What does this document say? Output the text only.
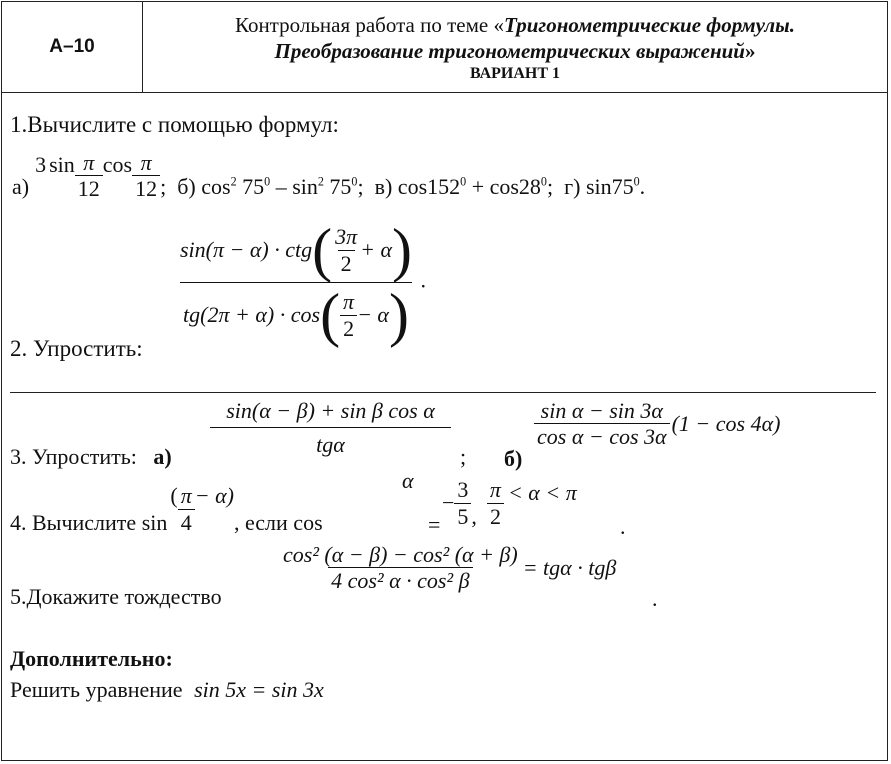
А–10
Контрольная работа по теме «Тригонометрические формулы.
Преобразование тригонометрических выражений»
ВАРИАНТ 1
1.Вычислите с помощью формул:
а)
3 $\sin \frac{\pi}{12}$ $\cos \frac{\pi}{12}$ ; б) $\cos^2 75^0 - \sin^2 75^0$; в) $\cos 152^0 + \cos 28^0$; г) $\sin 75^0$.
$\frac{\sin(\pi - \alpha) \cdot ctg ( \frac{3\pi}{2} + \alpha )}{tg(2\pi + \alpha) \cdot \cos ( \frac{\pi}{2} - \alpha )}$ .
2. Упростить:
$\frac{\text{sin(α − β) + sin β cos α}}{\text{tgα}}$
3. Упростить: а)	; б)
$\frac{\text{sin α − sin 3α}}{\text{cos α − cos 3α}} (1 - \cos 4\alpha)$
4. Вычислите sin
( $\frac{\pi}{4} - \alpha$)
, если cos
α
=
− $\frac{3}{5}$ , $\frac{\pi}{2} < \alpha < \pi$
.
$\frac{\text{cos² (α − β) − cos² (α + β)}}{\text{4 cos² α · cos² β}} = tg\alpha \cdot tg\beta$
5.Докажите тождество	.
Дополнительно:
Решить уравнение sin 5x = sin 3x
